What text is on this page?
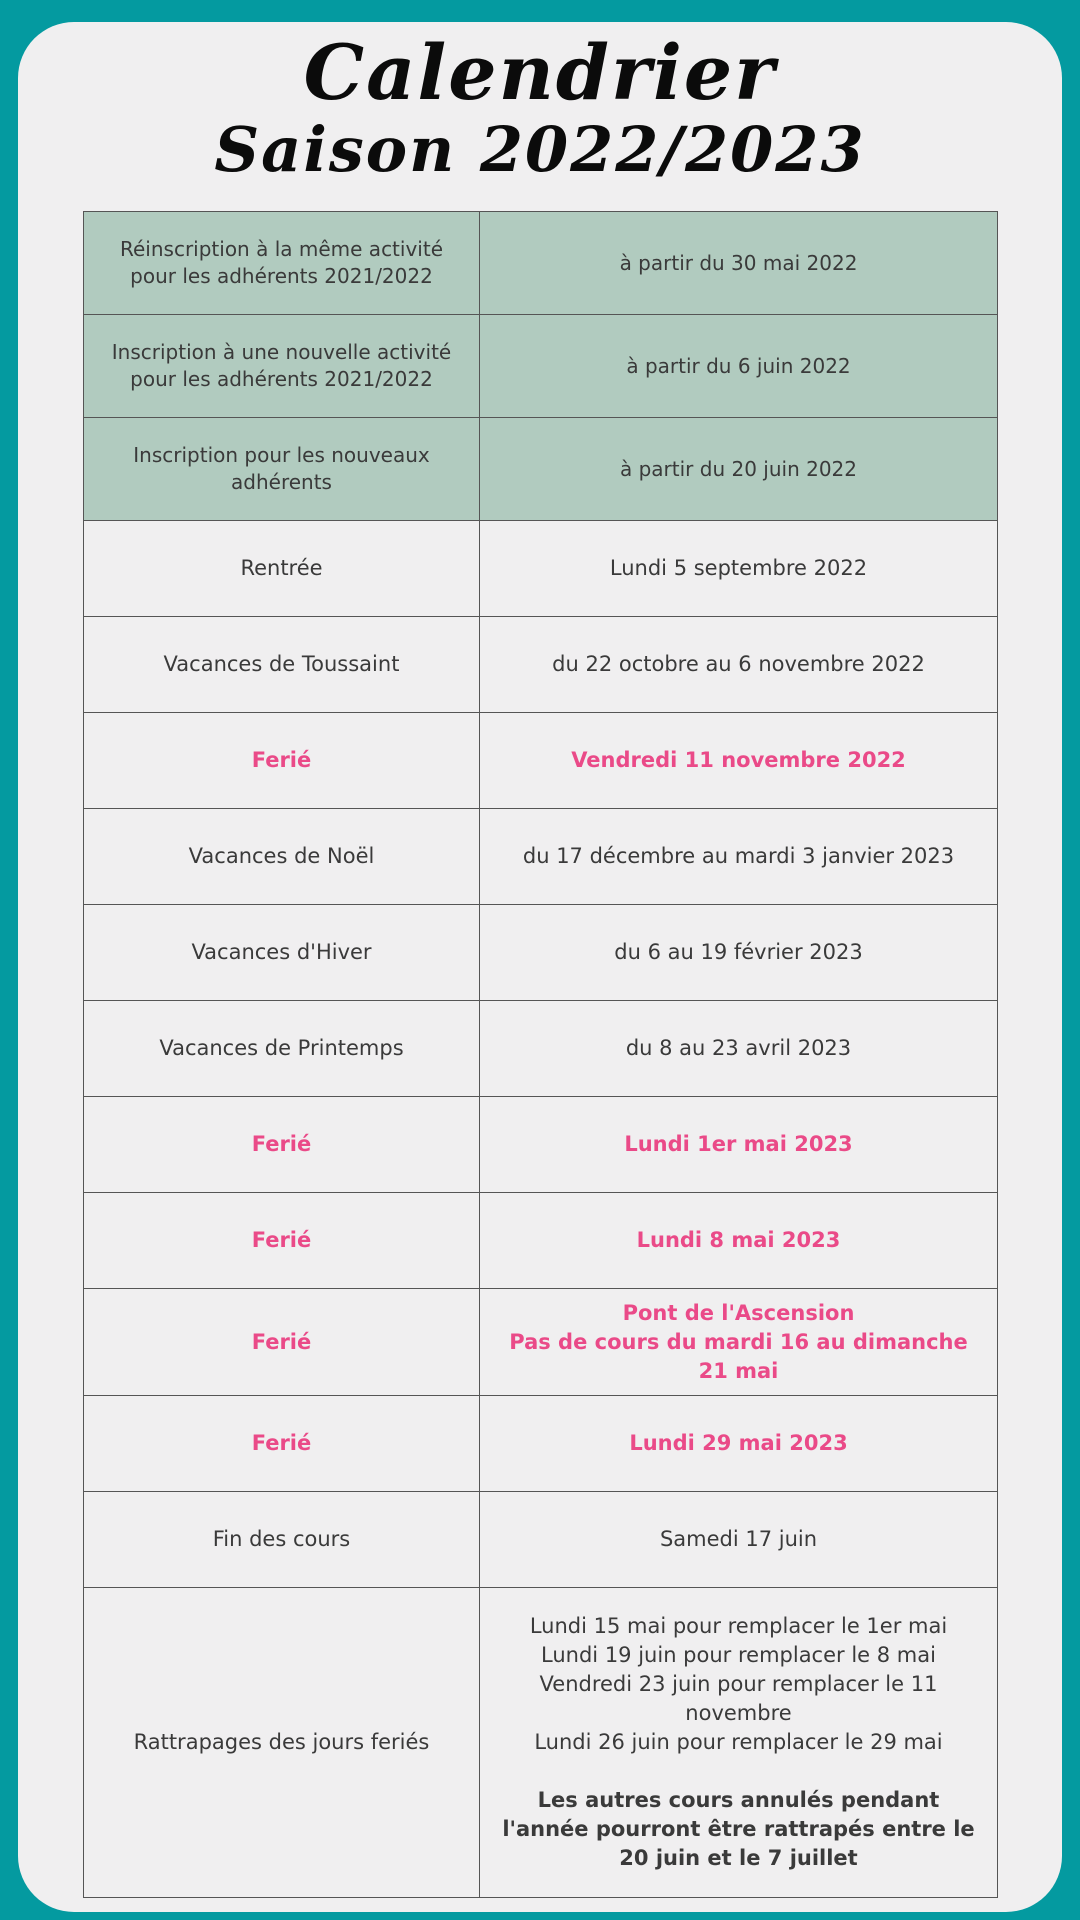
Calendrier
Saison 2022/2023
Réinscription à la même activité pour les adhérents 2021/2022	à partir du 30 mai 2022
Inscription à une nouvelle activité pour les adhérents 2021/2022	à partir du 6 juin 2022
Inscription pour les nouveaux adhérents	à partir du 20 juin 2022
Rentrée	Lundi 5 septembre 2022
Vacances de Toussaint	du 22 octobre au 6 novembre 2022
Ferié	Vendredi 11 novembre 2022
Vacances de Noël	du 17 décembre au mardi 3 janvier 2023
Vacances d'Hiver	du 6 au 19 février 2023
Vacances de Printemps	du 8 au 23 avril 2023
Ferié	Lundi 1er mai 2023
Ferié	Lundi 8 mai 2023
Ferié	Pont de l'Ascension
Pas de cours du mardi 16 au dimanche 21 mai
Ferié	Lundi 29 mai 2023
Fin des cours	Samedi 17 juin
Rattrapages des jours feriés	Lundi 15 mai pour remplacer le 1er mai
Lundi 19 juin pour remplacer le 8 mai
Vendredi 23 juin pour remplacer le 11 novembre
Lundi 26 juin pour remplacer le 29 mai
Les autres cours annulés pendant l'année pourront être rattrapés entre le 20 juin et le 7 juillet
